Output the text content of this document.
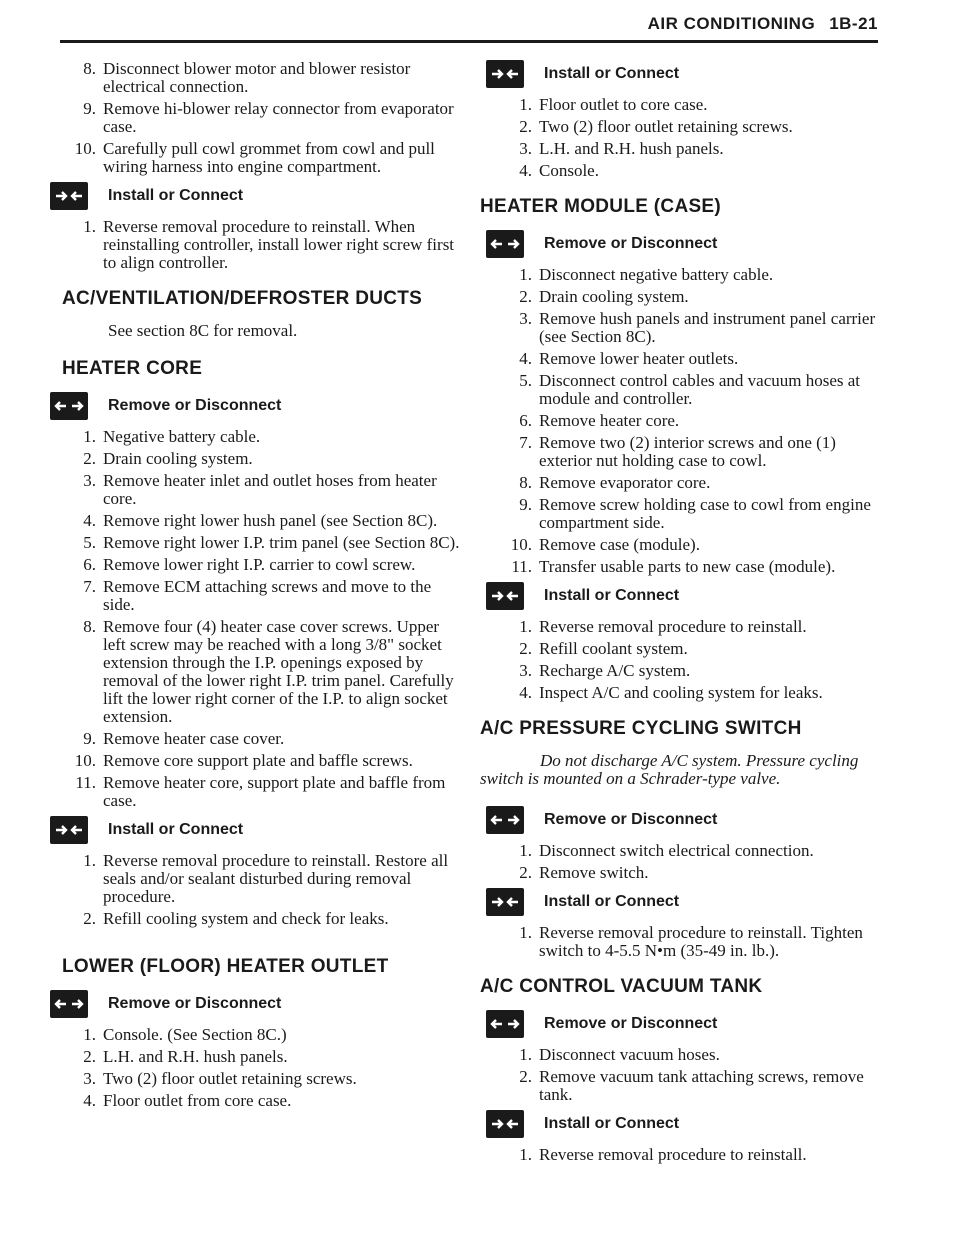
AIR CONDITIONING 1B-21
8. Disconnect blower motor and blower resistor electrical connection.
9. Remove hi-blower relay connector from evaporator case.
10. Carefully pull cowl grommet from cowl and pull wiring harness into engine compartment.
Install or Connect
1. Reverse removal procedure to reinstall. When reinstalling controller, install lower right screw first to align controller.
AC/VENTILATION/DEFROSTER DUCTS
See section 8C for removal.
HEATER CORE
Remove or Disconnect
1. Negative battery cable.
2. Drain cooling system.
3. Remove heater inlet and outlet hoses from heater core.
4. Remove right lower hush panel (see Section 8C).
5. Remove right lower I.P. trim panel (see Section 8C).
6. Remove lower right I.P. carrier to cowl screw.
7. Remove ECM attaching screws and move to the side.
8. Remove four (4) heater case cover screws. Upper left screw may be reached with a long 3/8" socket extension through the I.P. openings exposed by removal of the lower right I.P. trim panel. Carefully lift the lower right corner of the I.P. to align socket extension.
9. Remove heater case cover.
10. Remove core support plate and baffle screws.
11. Remove heater core, support plate and baffle from case.
Install or Connect
1. Reverse removal procedure to reinstall. Restore all seals and/or sealant disturbed during removal procedure.
2. Refill cooling system and check for leaks.
LOWER (FLOOR) HEATER OUTLET
Remove or Disconnect
1. Console. (See Section 8C.)
2. L.H. and R.H. hush panels.
3. Two (2) floor outlet retaining screws.
4. Floor outlet from core case.
Install or Connect
1. Floor outlet to core case.
2. Two (2) floor outlet retaining screws.
3. L.H. and R.H. hush panels.
4. Console.
HEATER MODULE (CASE)
Remove or Disconnect
1. Disconnect negative battery cable.
2. Drain cooling system.
3. Remove hush panels and instrument panel carrier (see Section 8C).
4. Remove lower heater outlets.
5. Disconnect control cables and vacuum hoses at module and controller.
6. Remove heater core.
7. Remove two (2) interior screws and one (1) exterior nut holding case to cowl.
8. Remove evaporator core.
9. Remove screw holding case to cowl from engine compartment side.
10. Remove case (module).
11. Transfer usable parts to new case (module).
Install or Connect
1. Reverse removal procedure to reinstall.
2. Refill coolant system.
3. Recharge A/C system.
4. Inspect A/C and cooling system for leaks.
A/C PRESSURE CYCLING SWITCH
Do not discharge A/C system. Pressure cycling switch is mounted on a Schrader-type valve.
Remove or Disconnect
1. Disconnect switch electrical connection.
2. Remove switch.
Install or Connect
1. Reverse removal procedure to reinstall. Tighten switch to 4-5.5 N•m (35-49 in. lb.).
A/C CONTROL VACUUM TANK
Remove or Disconnect
1. Disconnect vacuum hoses.
2. Remove vacuum tank attaching screws, remove tank.
Install or Connect
1. Reverse removal procedure to reinstall.
